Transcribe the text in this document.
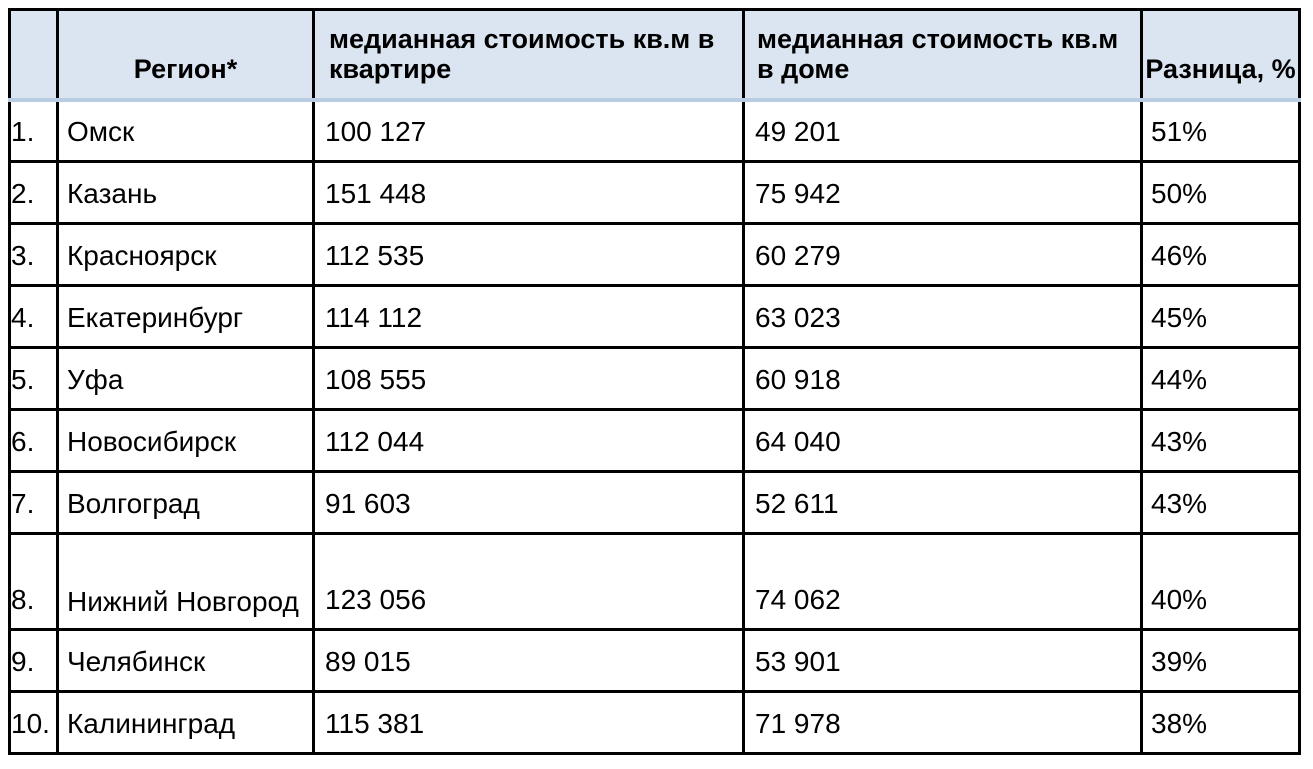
	Регион*	медианная стоимость кв.м в квартире	медианная стоимость кв.м в доме	Разница, %
1.	Омск	100 127	49 201	51%
2.	Казань	151 448	75 942	50%
3.	Красноярск	112 535	60 279	46%
4.	Екатеринбург	114 112	63 023	45%
5.	Уфа	108 555	60 918	44%
6.	Новосибирск	112 044	64 040	43%
7.	Волгоград	91 603	52 611	43%
8.	Нижний Новгород	123 056	74 062	40%
9.	Челябинск	89 015	53 901	39%
10.	Калининград	115 381	71 978	38%
